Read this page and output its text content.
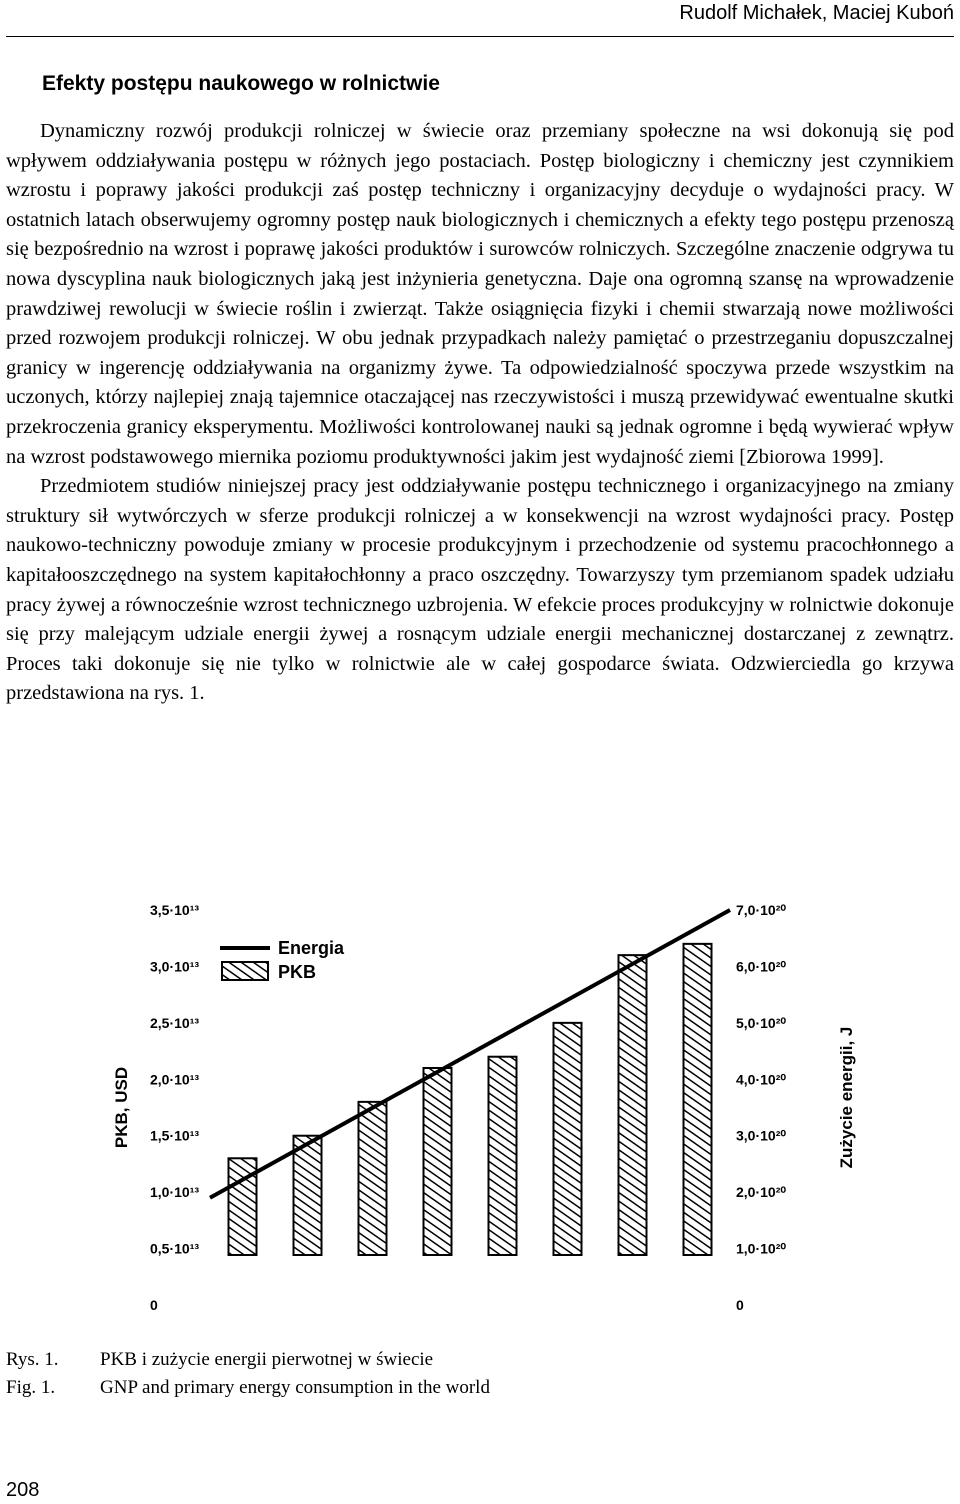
Rudolf Michałek, Maciej Kuboń
Efekty postępu naukowego w rolnictwie

Dynamiczny rozwój produkcji rolniczej w świecie oraz przemiany społeczne na wsi dokonują się pod wpływem oddziaływania postępu w różnych jego postaciach. Postęp biologiczny i chemiczny jest czynnikiem wzrostu i poprawy jakości produkcji zaś postęp techniczny i organizacyjny decyduje o wydajności pracy. W ostatnich latach obserwujemy ogromny postęp nauk biologicznych i chemicznych a efekty tego postępu przenoszą się bezpośrednio na wzrost i poprawę jakości produktów i surowców rolniczych. Szczególne znaczenie odgrywa tu nowa dyscyplina nauk biologicznych jaką jest inżynieria genetyczna. Daje ona ogromną szansę na wprowadzenie prawdziwej rewolucji w świecie roślin i zwierząt. Także osiągnięcia fizyki i chemii stwarzają nowe możliwości przed rozwojem produkcji rolniczej. W obu jednak przypadkach należy pamiętać o przestrzeganiu dopuszczalnej granicy w ingerencję oddziaływania na organizmy żywe. Ta odpowiedzialność spoczywa przede wszystkim na uczonych, którzy najlepiej znają tajemnice otaczającej nas rzeczywistości i muszą przewidywać ewentualne skutki przekroczenia granicy eksperymentu. Możliwości kontrolowanej nauki są jednak ogromne i będą wywierać wpływ na wzrost podstawowego miernika poziomu produktywności jakim jest wydajność ziemi [Zbiorowa 1999].

Przedmiotem studiów niniejszej pracy jest oddziaływanie postępu technicznego i organizacyjnego na zmiany struktury sił wytwórczych w sferze produkcji rolniczej a w konsekwencji na wzrost wydajności pracy. Postęp naukowo-techniczny powoduje zmiany w procesie produkcyjnym i przechodzenie od systemu pracochłonnego a kapitałooszczędnego na system kapitałochłonny a praco oszczędny. Towarzyszy tym przemianom spadek udziału pracy żywej a równocześnie wzrost technicznego uzbrojenia. W efekcie proces produkcyjny w rolnictwie dokonuje się przy malejącym udziale energii żywej a rosnącym udziale energii mechanicznej dostarczanej z zewnątrz. Proces taki dokonuje się nie tylko w rolnictwie ale w całej gospodarce świata. Odzwierciedla go krzywa przedstawiona na rys. 1.

0
0,5·10¹³
1,0·10¹³
1,5·10¹³
2,0·10¹³
2,5·10¹³
3,0·10¹³
3,5·10¹³
0
1,0·10²⁰
2,0·10²⁰
3,0·10²⁰
4,0·10²⁰
5,0·10²⁰
6,0·10²⁰
7,0·10²⁰
PKB, USD	Zużycie energii, J
Energia
PKB
Rys. 1. PKB i zużycie energii pierwotnej w świecie
Fig. 1. GNP and primary energy consumption in the world
208
